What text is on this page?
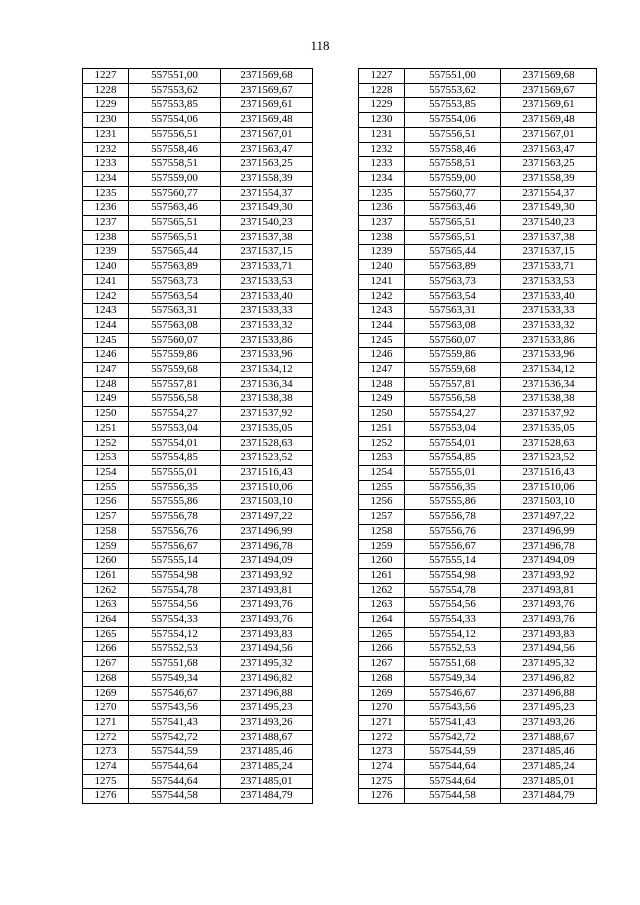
118
1227	557551,00	2371569,68		1227	557551,00	2371569,68
1228	557553,62	2371569,67		1228	557553,62	2371569,67
1229	557553,85	2371569,61		1229	557553,85	2371569,61
1230	557554,06	2371569,48		1230	557554,06	2371569,48
1231	557556,51	2371567,01		1231	557556,51	2371567,01
1232	557558,46	2371563,47		1232	557558,46	2371563,47
1233	557558,51	2371563,25		1233	557558,51	2371563,25
1234	557559,00	2371558,39		1234	557559,00	2371558,39
1235	557560,77	2371554,37		1235	557560,77	2371554,37
1236	557563,46	2371549,30		1236	557563,46	2371549,30
1237	557565,51	2371540,23		1237	557565,51	2371540,23
1238	557565,51	2371537,38		1238	557565,51	2371537,38
1239	557565,44	2371537,15		1239	557565,44	2371537,15
1240	557563,89	2371533,71		1240	557563,89	2371533,71
1241	557563,73	2371533,53		1241	557563,73	2371533,53
1242	557563,54	2371533,40		1242	557563,54	2371533,40
1243	557563,31	2371533,33		1243	557563,31	2371533,33
1244	557563,08	2371533,32		1244	557563,08	2371533,32
1245	557560,07	2371533,86		1245	557560,07	2371533,86
1246	557559,86	2371533,96		1246	557559,86	2371533,96
1247	557559,68	2371534,12		1247	557559,68	2371534,12
1248	557557,81	2371536,34		1248	557557,81	2371536,34
1249	557556,58	2371538,38		1249	557556,58	2371538,38
1250	557554,27	2371537,92		1250	557554,27	2371537,92
1251	557553,04	2371535,05		1251	557553,04	2371535,05
1252	557554,01	2371528,63		1252	557554,01	2371528,63
1253	557554,85	2371523,52		1253	557554,85	2371523,52
1254	557555,01	2371516,43		1254	557555,01	2371516,43
1255	557556,35	2371510,06		1255	557556,35	2371510,06
1256	557555,86	2371503,10		1256	557555,86	2371503,10
1257	557556,78	2371497,22		1257	557556,78	2371497,22
1258	557556,76	2371496,99		1258	557556,76	2371496,99
1259	557556,67	2371496,78		1259	557556,67	2371496,78
1260	557555,14	2371494,09		1260	557555,14	2371494,09
1261	557554,98	2371493,92		1261	557554,98	2371493,92
1262	557554,78	2371493,81		1262	557554,78	2371493,81
1263	557554,56	2371493,76		1263	557554,56	2371493,76
1264	557554,33	2371493,76		1264	557554,33	2371493,76
1265	557554,12	2371493,83		1265	557554,12	2371493,83
1266	557552,53	2371494,56		1266	557552,53	2371494,56
1267	557551,68	2371495,32		1267	557551,68	2371495,32
1268	557549,34	2371496,82		1268	557549,34	2371496,82
1269	557546,67	2371496,88		1269	557546,67	2371496,88
1270	557543,56	2371495,23		1270	557543,56	2371495,23
1271	557541,43	2371493,26		1271	557541,43	2371493,26
1272	557542,72	2371488,67		1272	557542,72	2371488,67
1273	557544,59	2371485,46		1273	557544,59	2371485,46
1274	557544,64	2371485,24		1274	557544,64	2371485,24
1275	557544,64	2371485,01		1275	557544,64	2371485,01
1276	557544,58	2371484,79		1276	557544,58	2371484,79
